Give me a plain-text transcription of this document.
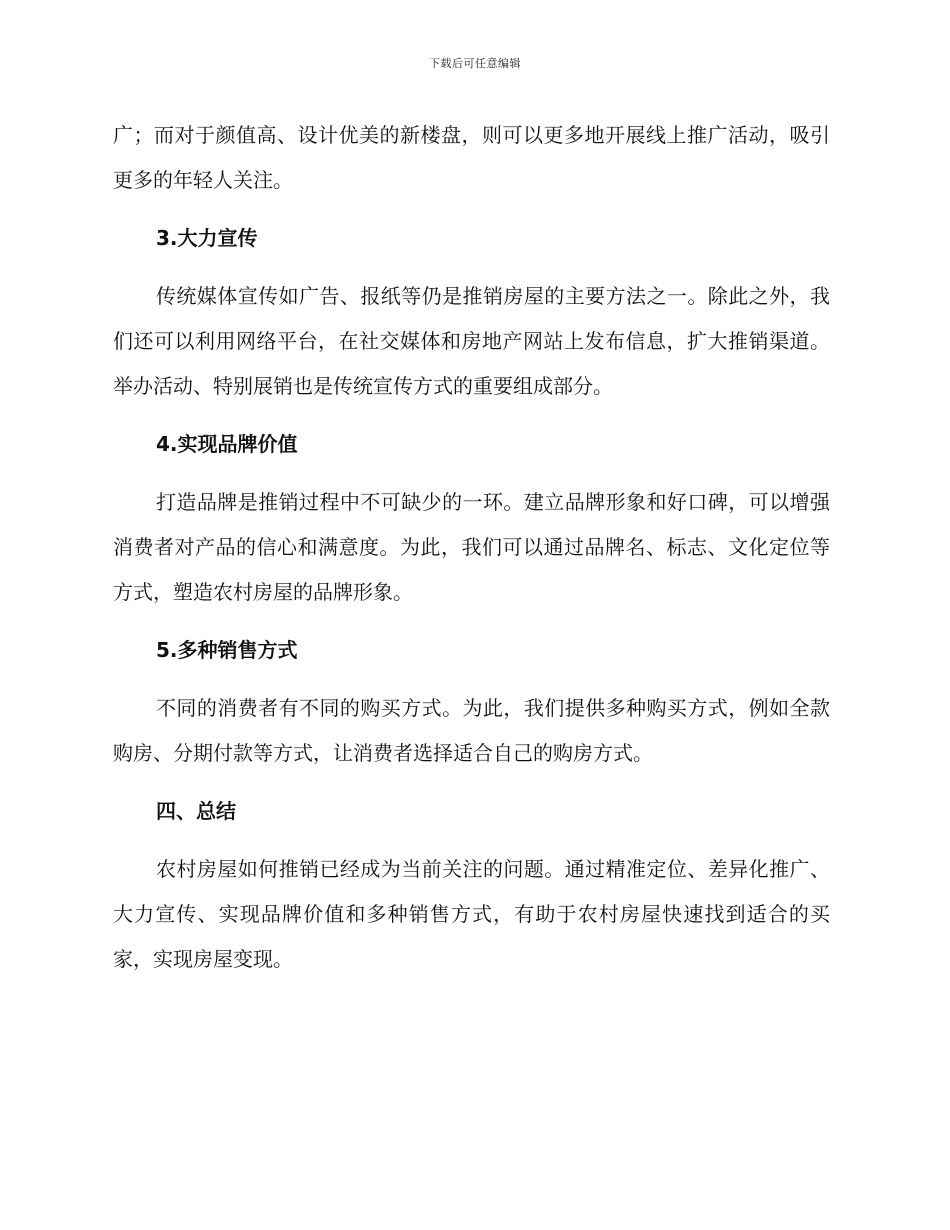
下载后可任意编辑

广；而对于颜值高、设计优美的新楼盘，则可以更多地开展线上推广活动，吸引更多的年轻人关注。

3.大力宣传

传统媒体宣传如广告、报纸等仍是推销房屋的主要方法之一。除此之外，我们还可以利用网络平台，在社交媒体和房地产网站上发布信息，扩大推销渠道。举办活动、特别展销也是传统宣传方式的重要组成部分。

4.实现品牌价值

打造品牌是推销过程中不可缺少的一环。建立品牌形象和好口碑，可以增强消费者对产品的信心和满意度。为此，我们可以通过品牌名、标志、文化定位等方式，塑造农村房屋的品牌形象。

5.多种销售方式

不同的消费者有不同的购买方式。为此，我们提供多种购买方式，例如全款购房、分期付款等方式，让消费者选择适合自己的购房方式。

四、总结

农村房屋如何推销已经成为当前关注的问题。通过精准定位、差异化推广、大力宣传、实现品牌价值和多种销售方式，有助于农村房屋快速找到适合的买家，实现房屋变现。
